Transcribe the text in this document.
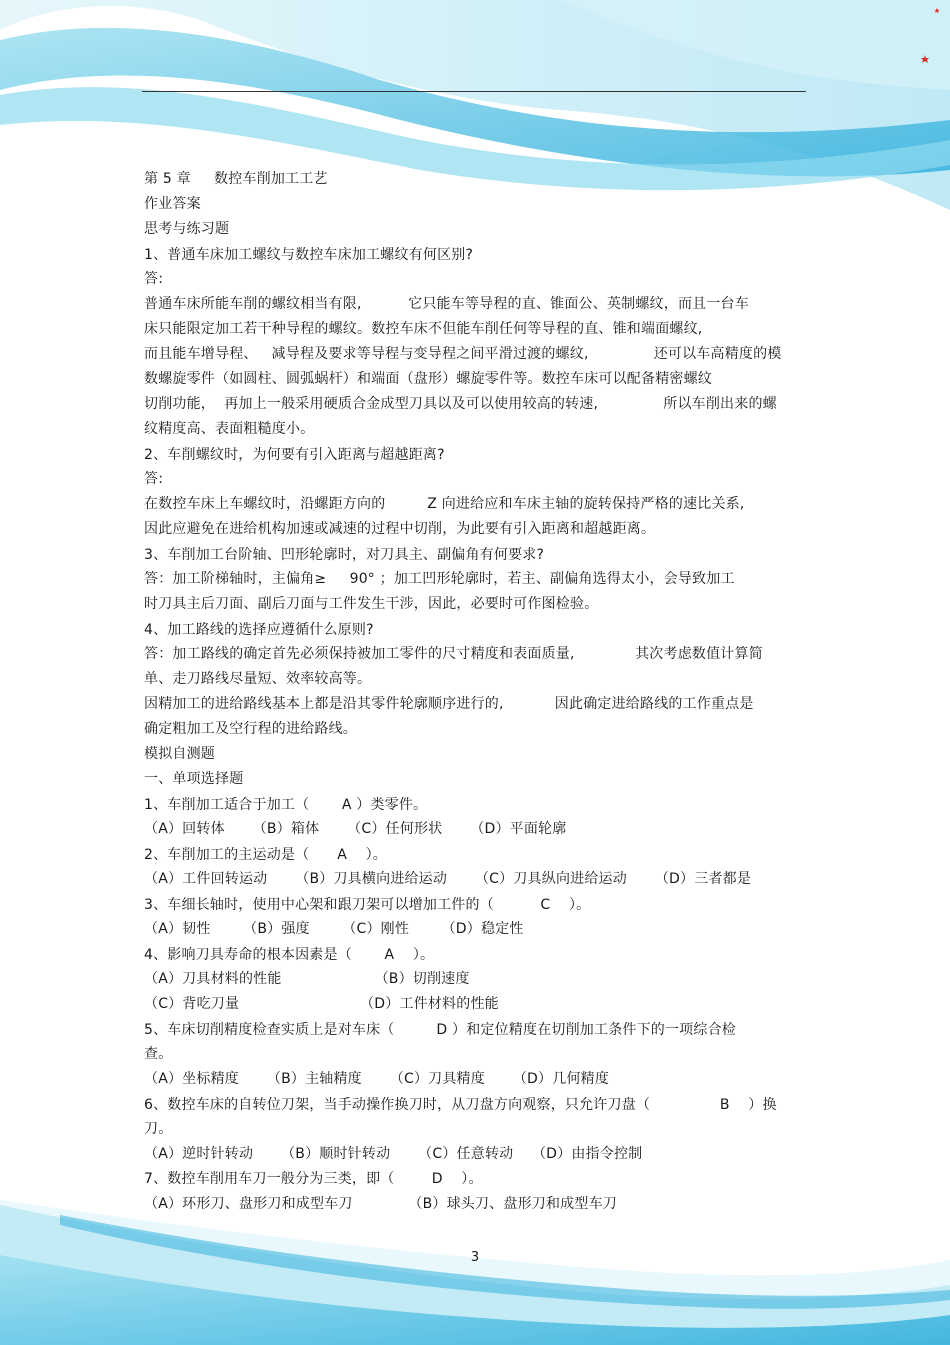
第 5 章     数控车削加工工艺
作业答案
思考与练习题
1、普通车床加工螺纹与数控车床加工螺纹有何区别?
答:
普通车床所能车削的螺纹相当有限,          它只能车等导程的直、锥面公、英制螺纹，而且一台车
床只能限定加工若干种导程的螺纹。数控车床不但能车削任何等导程的直、锥和端面螺纹,
而且能车增导程、   减导程及要求等导程与变导程之间平滑过渡的螺纹,              还可以车高精度的模
数螺旋零件（如圆柱、圆弧蜗杆）和端面（盘形）螺旋零件等。数控车床可以配备精密螺纹
切削功能，  再加上一般采用硬质合金成型刀具以及可以使用较高的转速,              所以车削出来的螺
纹精度高、表面粗糙度小。
2、车削螺纹时，为何要有引入距离与超越距离?
答:
在数控车床上车螺纹时，沿螺距方向的         Z 向进给应和车床主轴的旋转保持严格的速比关系,
因此应避免在进给机构加速或减速的过程中切削，为此要有引入距离和超越距离。
3、车削加工台阶轴、凹形轮廓时，对刀具主、副偏角有何要求?
答：加工阶梯轴时，主偏角≥     90° ；加工凹形轮廓时，若主、副偏角选得太小，会导致加工
时刀具主后刀面、副后刀面与工件发生干涉，因此，必要时可作图检验。
4、加工路线的选择应遵循什么原则?
答：加工路线的确定首先必须保持被加工零件的尺寸精度和表面质量,             其次考虑数值计算简
单、走刀路线尽量短、效率较高等。
因精加工的进给路线基本上都是沿其零件轮廓顺序进行的,           因此确定进给路线的工作重点是
确定粗加工及空行程的进给路线。
模拟自测题
一、单项选择题
1、车削加工适合于加工（       A ）类零件。
（A）回转体      （B）箱体      （C）任何形状      （D）平面轮廓
2、车削加工的主运动是（      A    ）。
（A）工件回转运动      （B）刀具横向进给运动      （C）刀具纵向进给运动      （D）三者都是
3、车细长轴时，使用中心架和跟刀架可以增加工件的（          C    ）。
（A）韧性       （B）强度       （C）刚性       （D）稳定性
4、影响刀具寿命的根本因素是（       A    ）。
（A）刀具材料的性能                    （B）切削速度
（C）背吃刀量                          （D）工件材料的性能
5、车床切削精度检查实质上是对车床（         D ）和定位精度在切削加工条件下的一项综合检
查。
（A）坐标精度      （B）主轴精度      （C）刀具精度      （D）几何精度
6、数控车床的自转位刀架，当手动操作换刀时，从刀盘方向观察，只允许刀盘（               B    ）换
刀。
（A）逆时针转动      （B）顺时针转动      （C）任意转动    （D）由指令控制
7、数控车削用车刀一般分为三类，即（        D    ）。
（A）环形刀、盘形刀和成型车刀            （B）球头刀、盘形刀和成型车刀
3
